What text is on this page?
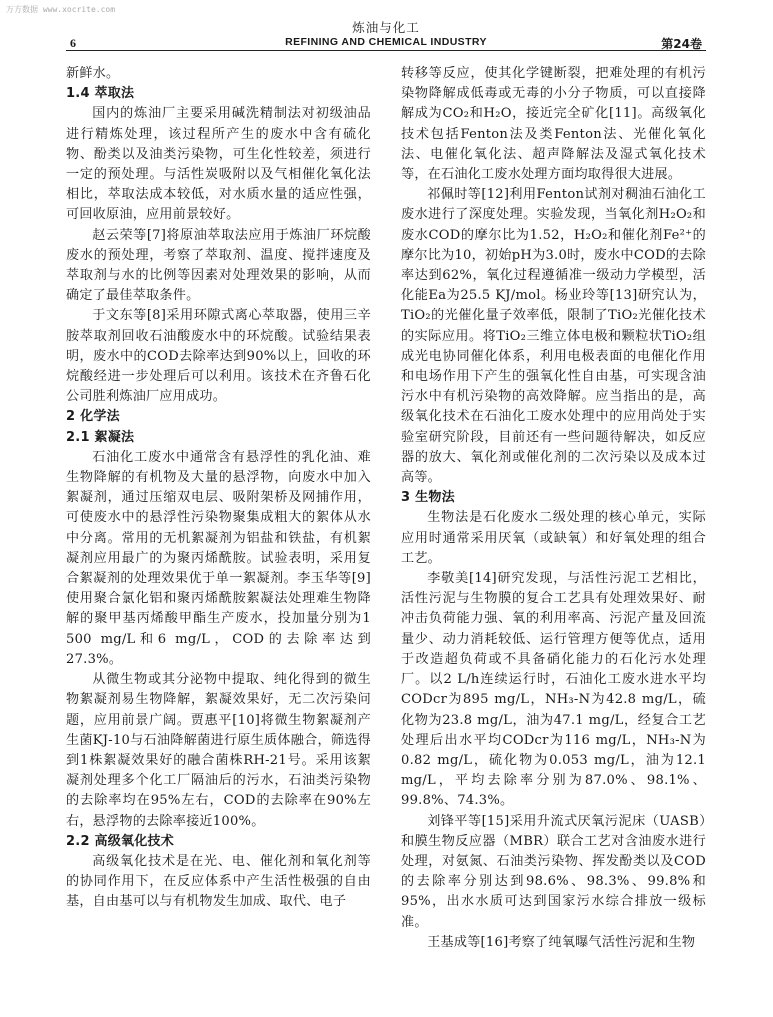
万方数据 www.xocrite.com
6
炼油与化工
REFINING AND CHEMICAL INDUSTRY	第24卷

新鲜水。

1.4 萃取法

国内的炼油厂主要采用碱洗精制法对初级油品进行精炼处理，该过程所产生的废水中含有硫化物、酚类以及油类污染物，可生化性较差，须进行一定的预处理。与活性炭吸附以及气相催化氧化法相比，萃取法成本较低，对水质水量的适应性强，可回收原油，应用前景较好。

赵云荣等[7]将原油萃取法应用于炼油厂环烷酸废水的预处理，考察了萃取剂、温度、搅拌速度及萃取剂与水的比例等因素对处理效果的影响，从而确定了最佳萃取条件。

于文东等[8]采用环隙式离心萃取器，使用三辛胺萃取剂回收石油酸废水中的环烷酸。试验结果表明，废水中的COD去除率达到90%以上，回收的环烷酸经进一步处理后可以利用。该技术在齐鲁石化公司胜利炼油厂应用成功。

2 化学法
2.1 絮凝法

石油化工废水中通常含有悬浮性的乳化油、难生物降解的有机物及大量的悬浮物，向废水中加入絮凝剂，通过压缩双电层、吸附架桥及网捕作用，可使废水中的悬浮性污染物聚集成粗大的絮体从水中分离。常用的无机絮凝剂为铝盐和铁盐，有机絮凝剂应用最广的为聚丙烯酰胺。试验表明，采用复合絮凝剂的处理效果优于单一絮凝剂。李玉华等[9]使用聚合氯化铝和聚丙烯酰胺絮凝法处理难生物降解的聚甲基丙烯酸甲酯生产废水，投加量分别为1 500 mg/L和6 mg/L，COD的去除率达到27.3%。

从微生物或其分泌物中提取、纯化得到的微生物絮凝剂易生物降解，絮凝效果好，无二次污染问题，应用前景广阔。贾惠平[10]将微生物絮凝剂产生菌KJ-10与石油降解菌进行原生质体融合，筛选得到1株絮凝效果好的融合菌株RH-21号。采用该絮凝剂处理多个化工厂隔油后的污水，石油类污染物的去除率均在95%左右，COD的去除率在90%左右，悬浮物的去除率接近100%。

2.2 高级氧化技术

高级氧化技术是在光、电、催化剂和氧化剂等的协同作用下，在反应体系中产生活性极强的自由基，自由基可以与有机物发生加成、取代、电子

转移等反应，使其化学键断裂，把难处理的有机污染物降解成低毒或无毒的小分子物质，可以直接降解成为CO₂和H₂O，接近完全矿化[11]。高级氧化技术包括Fenton法及类Fenton法、光催化氧化法、电催化氧化法、超声降解法及湿式氧化技术等，在石油化工废水处理方面均取得很大进展。

祁佩时等[12]利用Fenton试剂对稠油石油化工废水进行了深度处理。实验发现，当氧化剂H₂O₂和废水COD的摩尔比为1.52，H₂O₂和催化剂Fe²⁺的摩尔比为10，初始pH为3.0时，废水中COD的去除率达到62%，氧化过程遵循准一级动力学模型，活化能Ea为25.5 KJ/mol。杨业玲等[13]研究认为，TiO₂的光催化量子效率低，限制了TiO₂光催化技术的实际应用。将TiO₂三维立体电极和颗粒状TiO₂组成光电协同催化体系，利用电极表面的电催化作用和电场作用下产生的强氧化性自由基，可实现含油污水中有机污染物的高效降解。应当指出的是，高级氧化技术在石油化工废水处理中的应用尚处于实验室研究阶段，目前还有一些问题待解决，如反应器的放大、氧化剂或催化剂的二次污染以及成本过高等。

3 生物法

生物法是石化废水二级处理的核心单元，实际应用时通常采用厌氧（或缺氧）和好氧处理的组合工艺。

李敬美[14]研究发现，与活性污泥工艺相比，活性污泥与生物膜的复合工艺具有处理效果好、耐冲击负荷能力强、氧的利用率高、污泥产量及回流量少、动力消耗较低、运行管理方便等优点，适用于改造超负荷或不具备硝化能力的石化污水处理厂。以2 L/h连续运行时，石油化工废水进水平均CODcr为895 mg/L，NH₃-N为42.8 mg/L，硫化物为23.8 mg/L，油为47.1 mg/L，经复合工艺处理后出水平均CODcr为116 mg/L，NH₃-N为0.82 mg/L，硫化物为0.053 mg/L，油为12.1 mg/L，平均去除率分别为87.0%、98.1%、99.8%、74.3%。

刘锋平等[15]采用升流式厌氧污泥床（UASB）和膜生物反应器（MBR）联合工艺对含油废水进行处理，对氨氮、石油类污染物、挥发酚类以及COD的去除率分别达到98.6%、98.3%、99.8%和95%，出水水质可达到国家污水综合排放一级标准。

王基成等[16]考察了纯氧曝气活性污泥和生物
